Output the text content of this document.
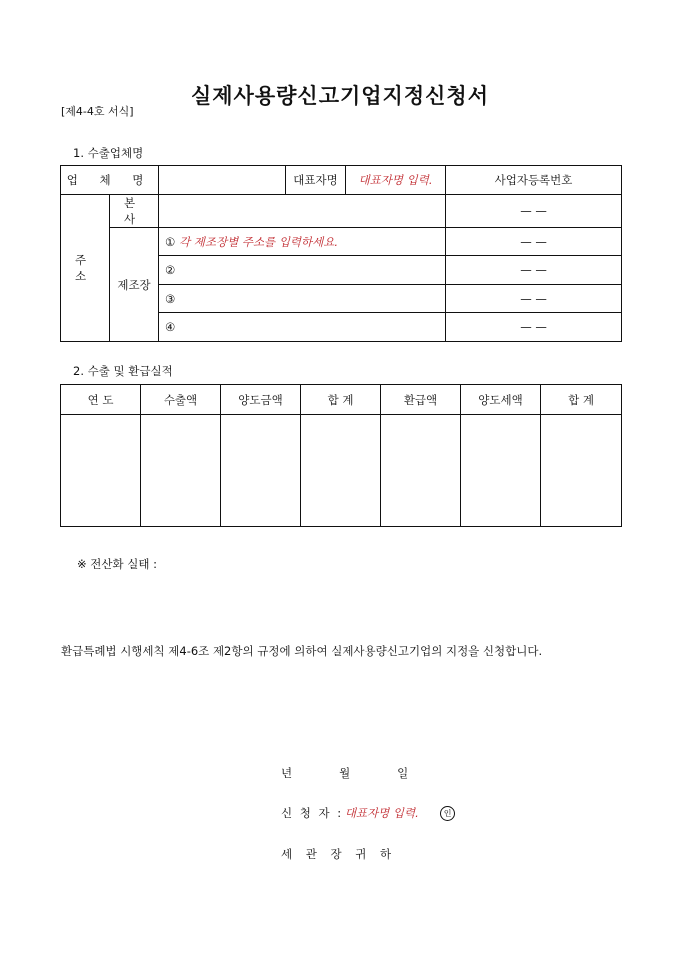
실제사용량신고기업지정신청서
[제4-4호 서식]
1. 수출업체명
업 체 명			대표자명	대표자명 입력.	사업자등록번호
주 소	본 사				— —
	제조장	① 각 제조장별 주소를 입력하세요.			— —
		②			— —
		③			— —
		④			— —
2. 수출 및 환급실적
연 도	수출액	양도금액	합 계	환급액	양도세액	합 계

※ 전산화 실태 :
환급특례법 시행세칙 제4-6조 제2항의 규정에 의하여 실제사용량신고기업의 지정을 신청합니다.
년   월   일
신 청 자 : 대표자명 입력.	인
세 관 장 귀 하
